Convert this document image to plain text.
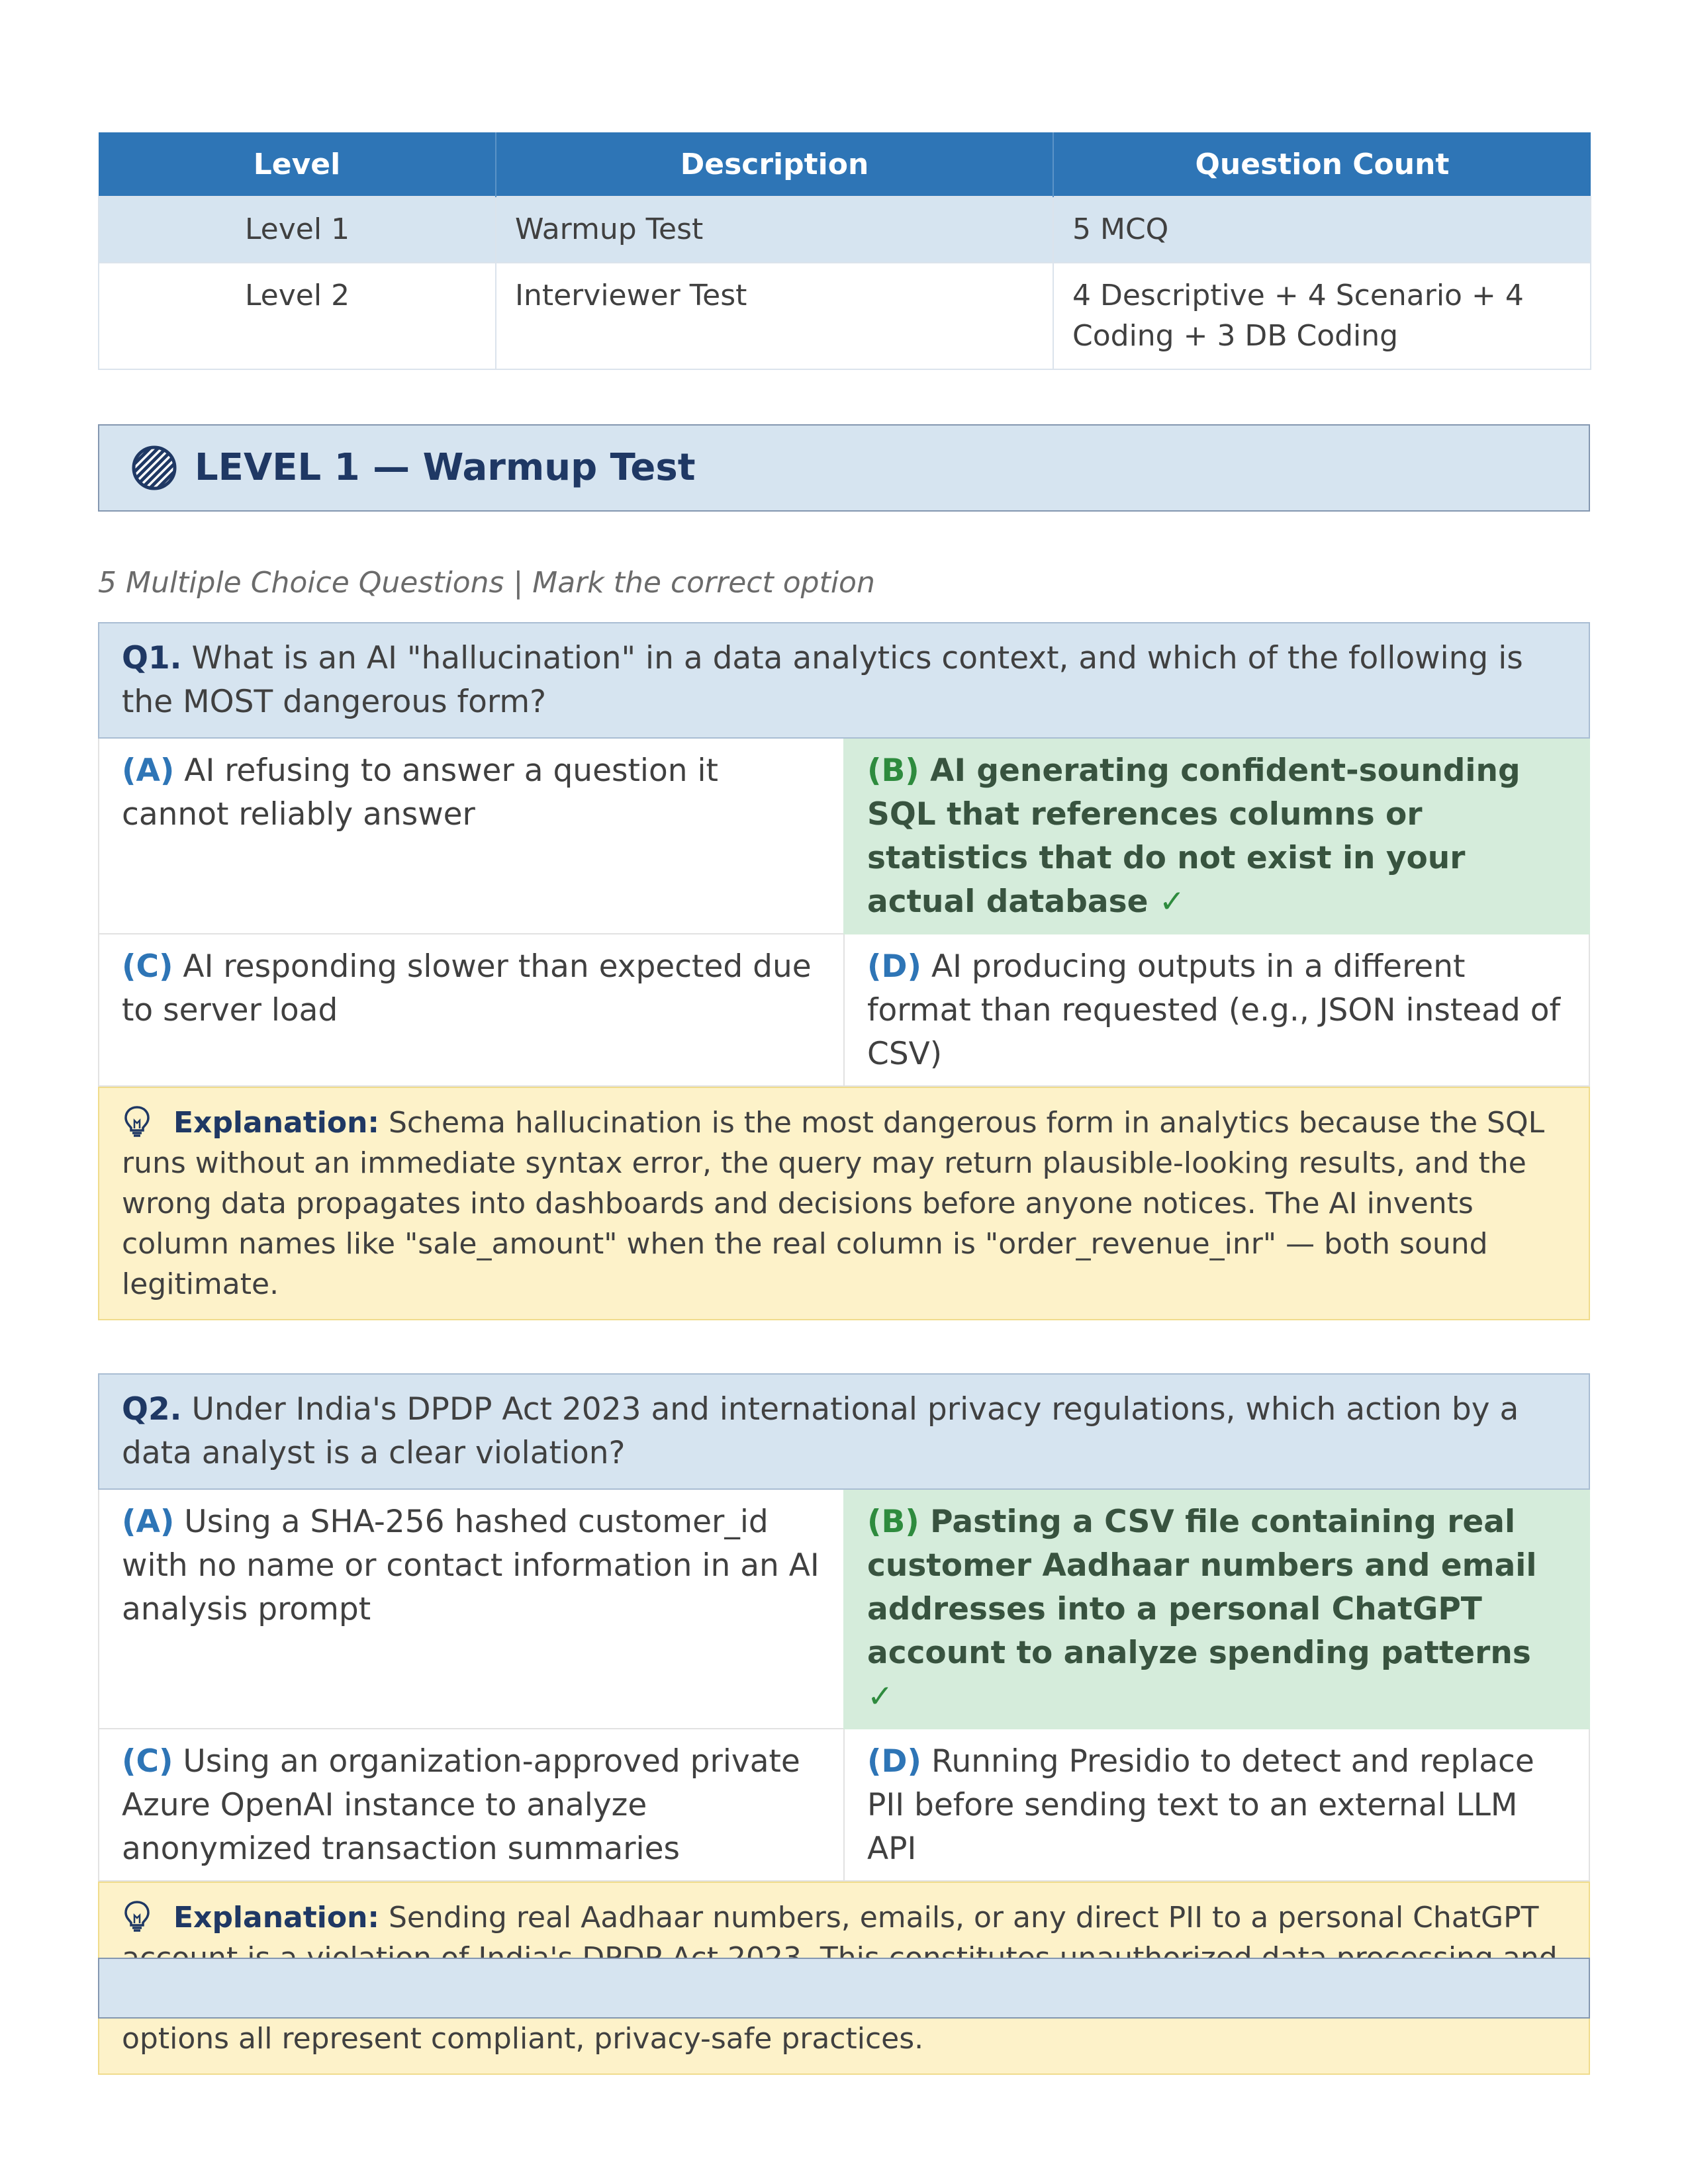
Level	Description	Question Count
Level 1	Warmup Test	5 MCQ
Level 2	Interviewer Test	4 Descriptive + 4 Scenario + 4 Coding + 3 DB Coding
LEVEL 1 — Warmup Test
5 Multiple Choice Questions | Mark the correct option
Q1. What is an AI "hallucination" in a data analytics context, and which of the following is the MOST dangerous form?
(A) AI refusing to answer a question it cannot reliably answer
(B) AI generating confident-sounding SQL that references columns or statistics that do not exist in your actual database ✓
(C) AI responding slower than expected due to server load
(D) AI producing outputs in a different format than requested (e.g., JSON instead of CSV)
Explanation: Schema hallucination is the most dangerous form in analytics because the SQL runs without an immediate syntax error, the query may return plausible-looking results, and the wrong data propagates into dashboards and decisions before anyone notices. The AI invents column names like "sale_amount" when the real column is "order_revenue_inr" — both sound legitimate.
Q2. Under India's DPDP Act 2023 and international privacy regulations, which action by a data analyst is a clear violation?
(A) Using a SHA-256 hashed customer_id with no name or contact information in an AI analysis prompt
(B) Pasting a CSV file containing real customer Aadhaar numbers and email addresses into a personal ChatGPT account to analyze spending patterns ✓
(C) Using an organization-approved private Azure OpenAI instance to analyze anonymized transaction summaries
(D) Running Presidio to detect and replace PII before sending text to an external LLM API
Explanation: Sending real Aadhaar numbers, emails, or any direct PII to a personal ChatGPT options all represent compliant, privacy-safe practices.
